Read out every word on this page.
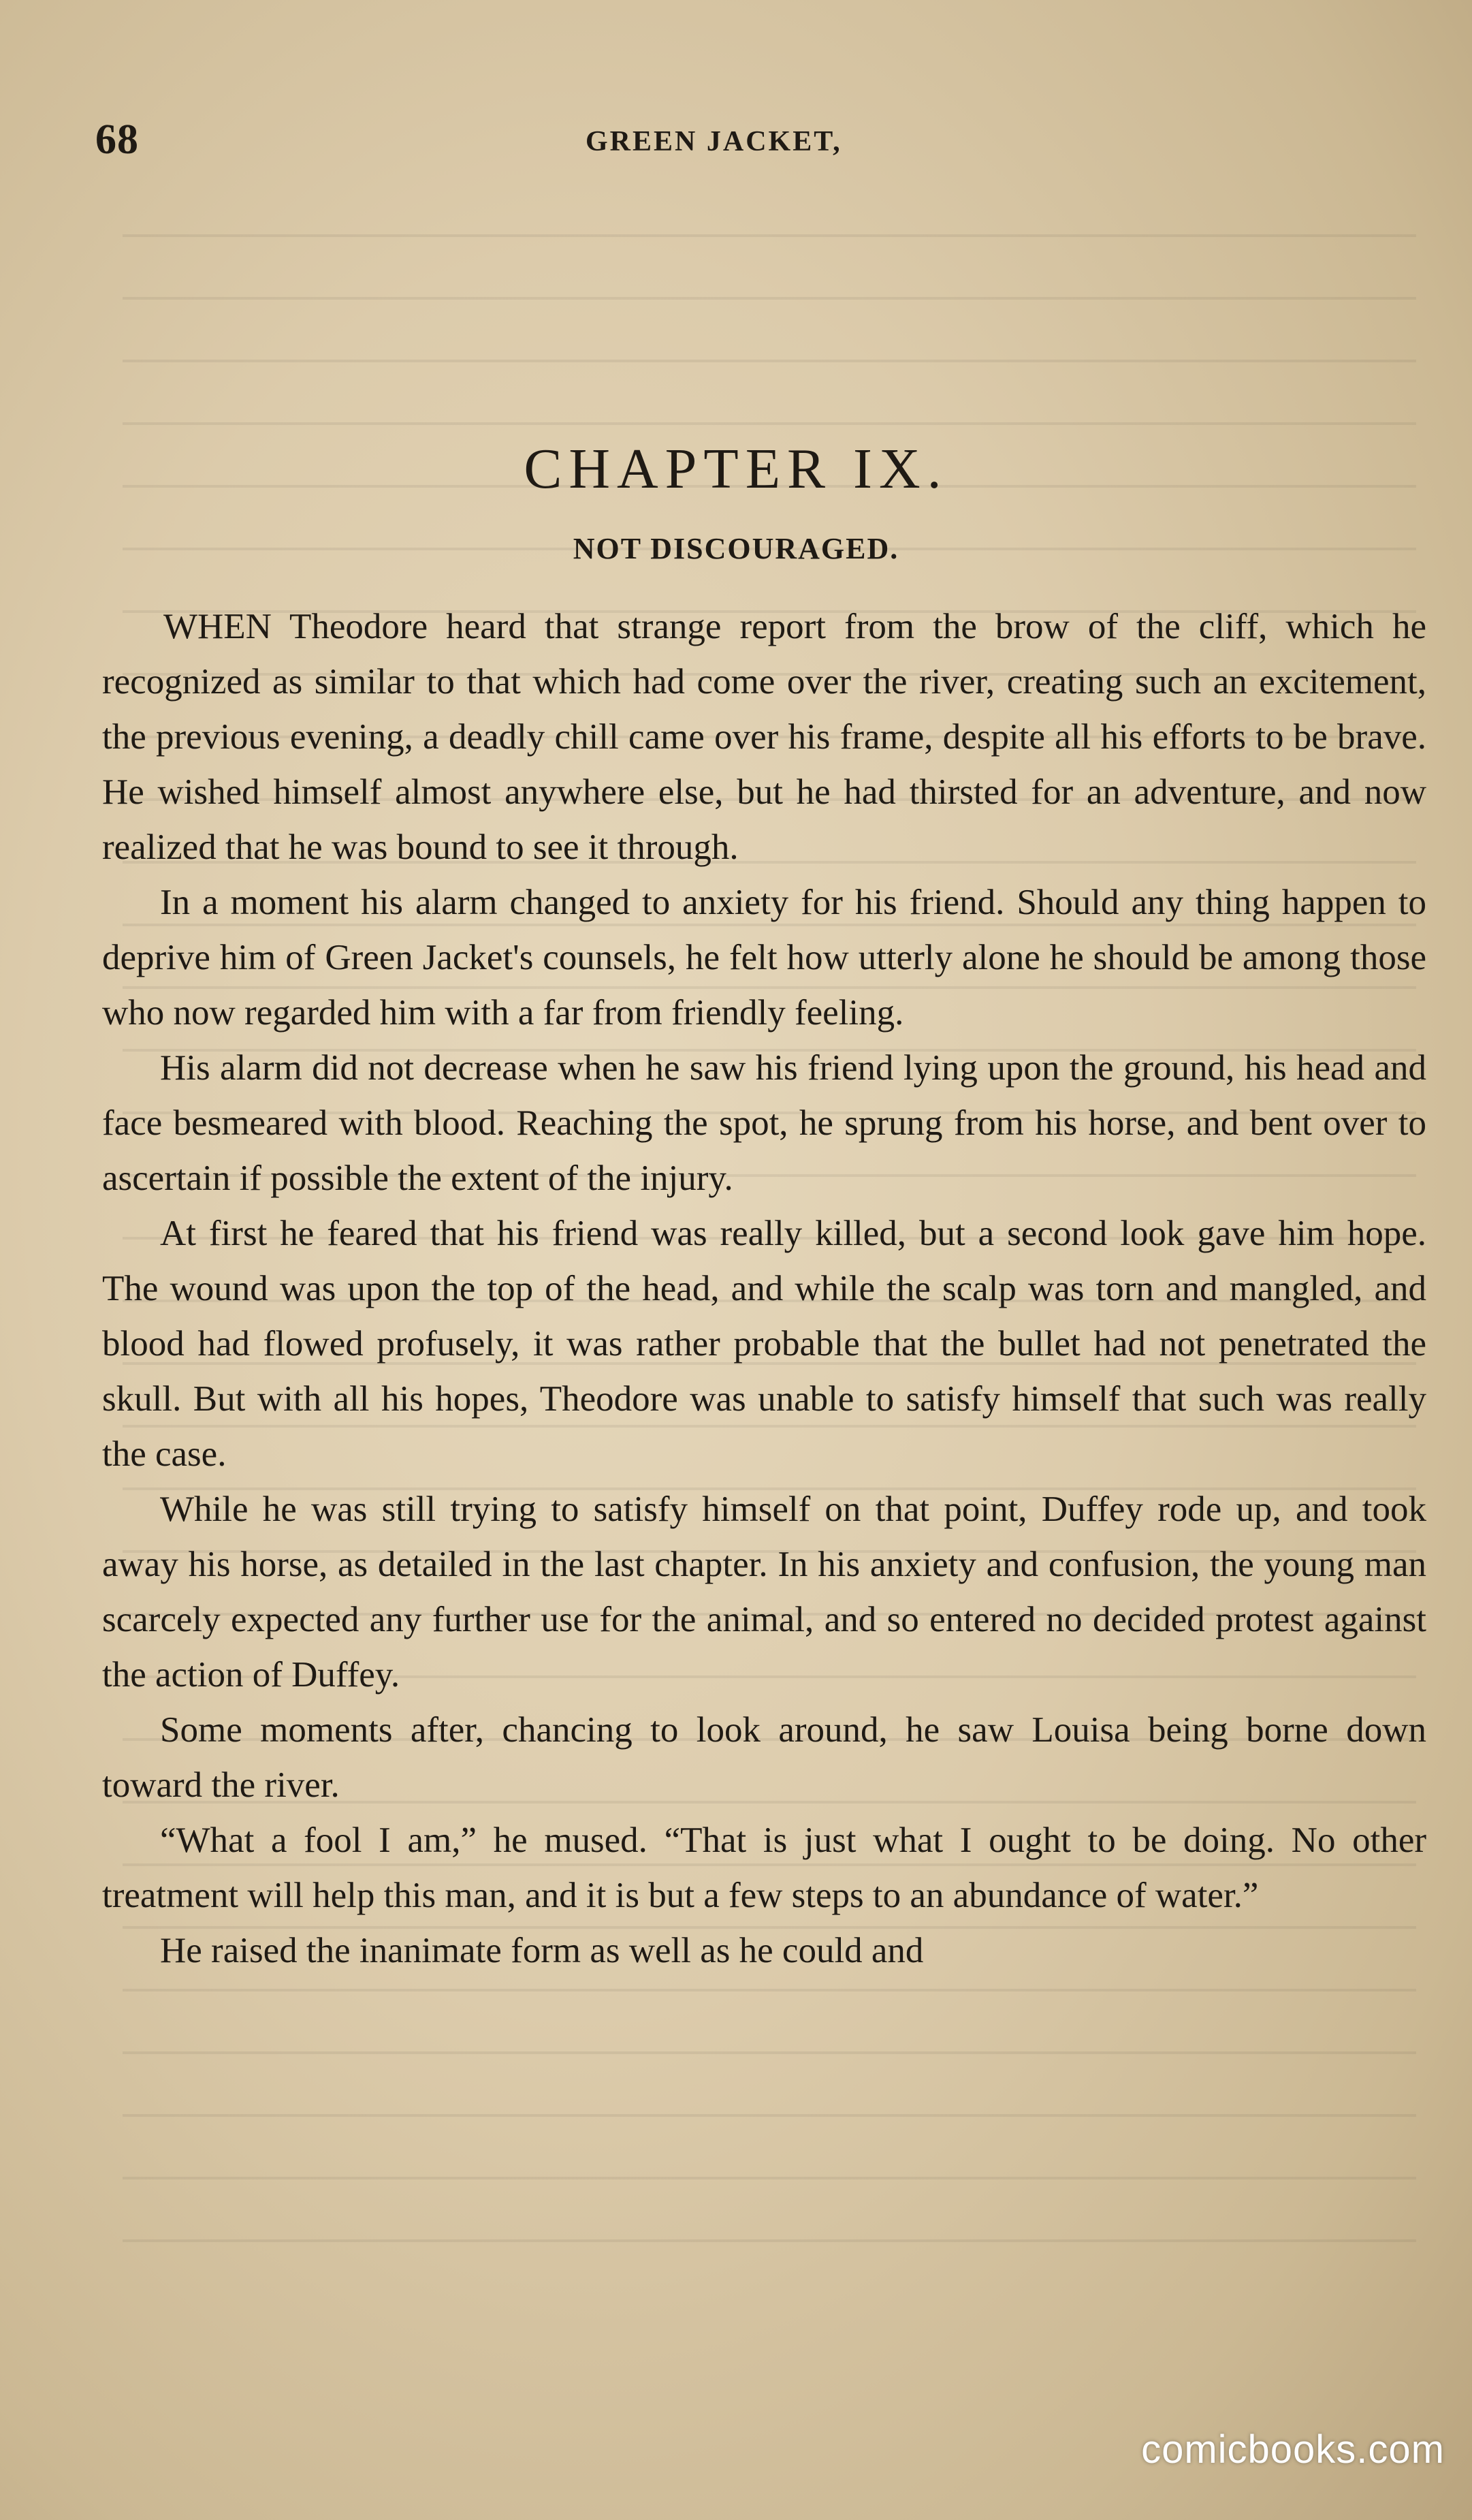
68	GREEN JACKET,
CHAPTER IX.
NOT DISCOURAGED.

WHEN Theodore heard that strange report from the brow of the cliff, which he recognized as similar to that which had come over the river, creating such an excitement, the previous evening, a deadly chill came over his frame, despite all his efforts to be brave. He wished himself almost anywhere else, but he had thirsted for an adventure, and now realized that he was bound to see it through.

In a moment his alarm changed to anxiety for his friend. Should any thing happen to deprive him of Green Jacket's counsels, he felt how utterly alone he should be among those who now regarded him with a far from friendly feeling.

His alarm did not decrease when he saw his friend lying upon the ground, his head and face besmeared with blood. Reaching the spot, he sprung from his horse, and bent over to ascertain if possible the extent of the injury.

At first he feared that his friend was really killed, but a second look gave him hope. The wound was upon the top of the head, and while the scalp was torn and mangled, and blood had flowed profusely, it was rather probable that the bullet had not penetrated the skull. But with all his hopes, Theodore was unable to satisfy himself that such was really the case.

While he was still trying to satisfy himself on that point, Duffey rode up, and took away his horse, as detailed in the last chapter. In his anxiety and confusion, the young man scarcely expected any further use for the animal, and so entered no decided protest against the action of Duffey.

Some moments after, chancing to look around, he saw Louisa being borne down toward the river.

“What a fool I am,” he mused. “That is just what I ought to be doing. No other treatment will help this man, and it is but a few steps to an abundance of water.”

He raised the inanimate form as well as he could and

comicbooks.com
